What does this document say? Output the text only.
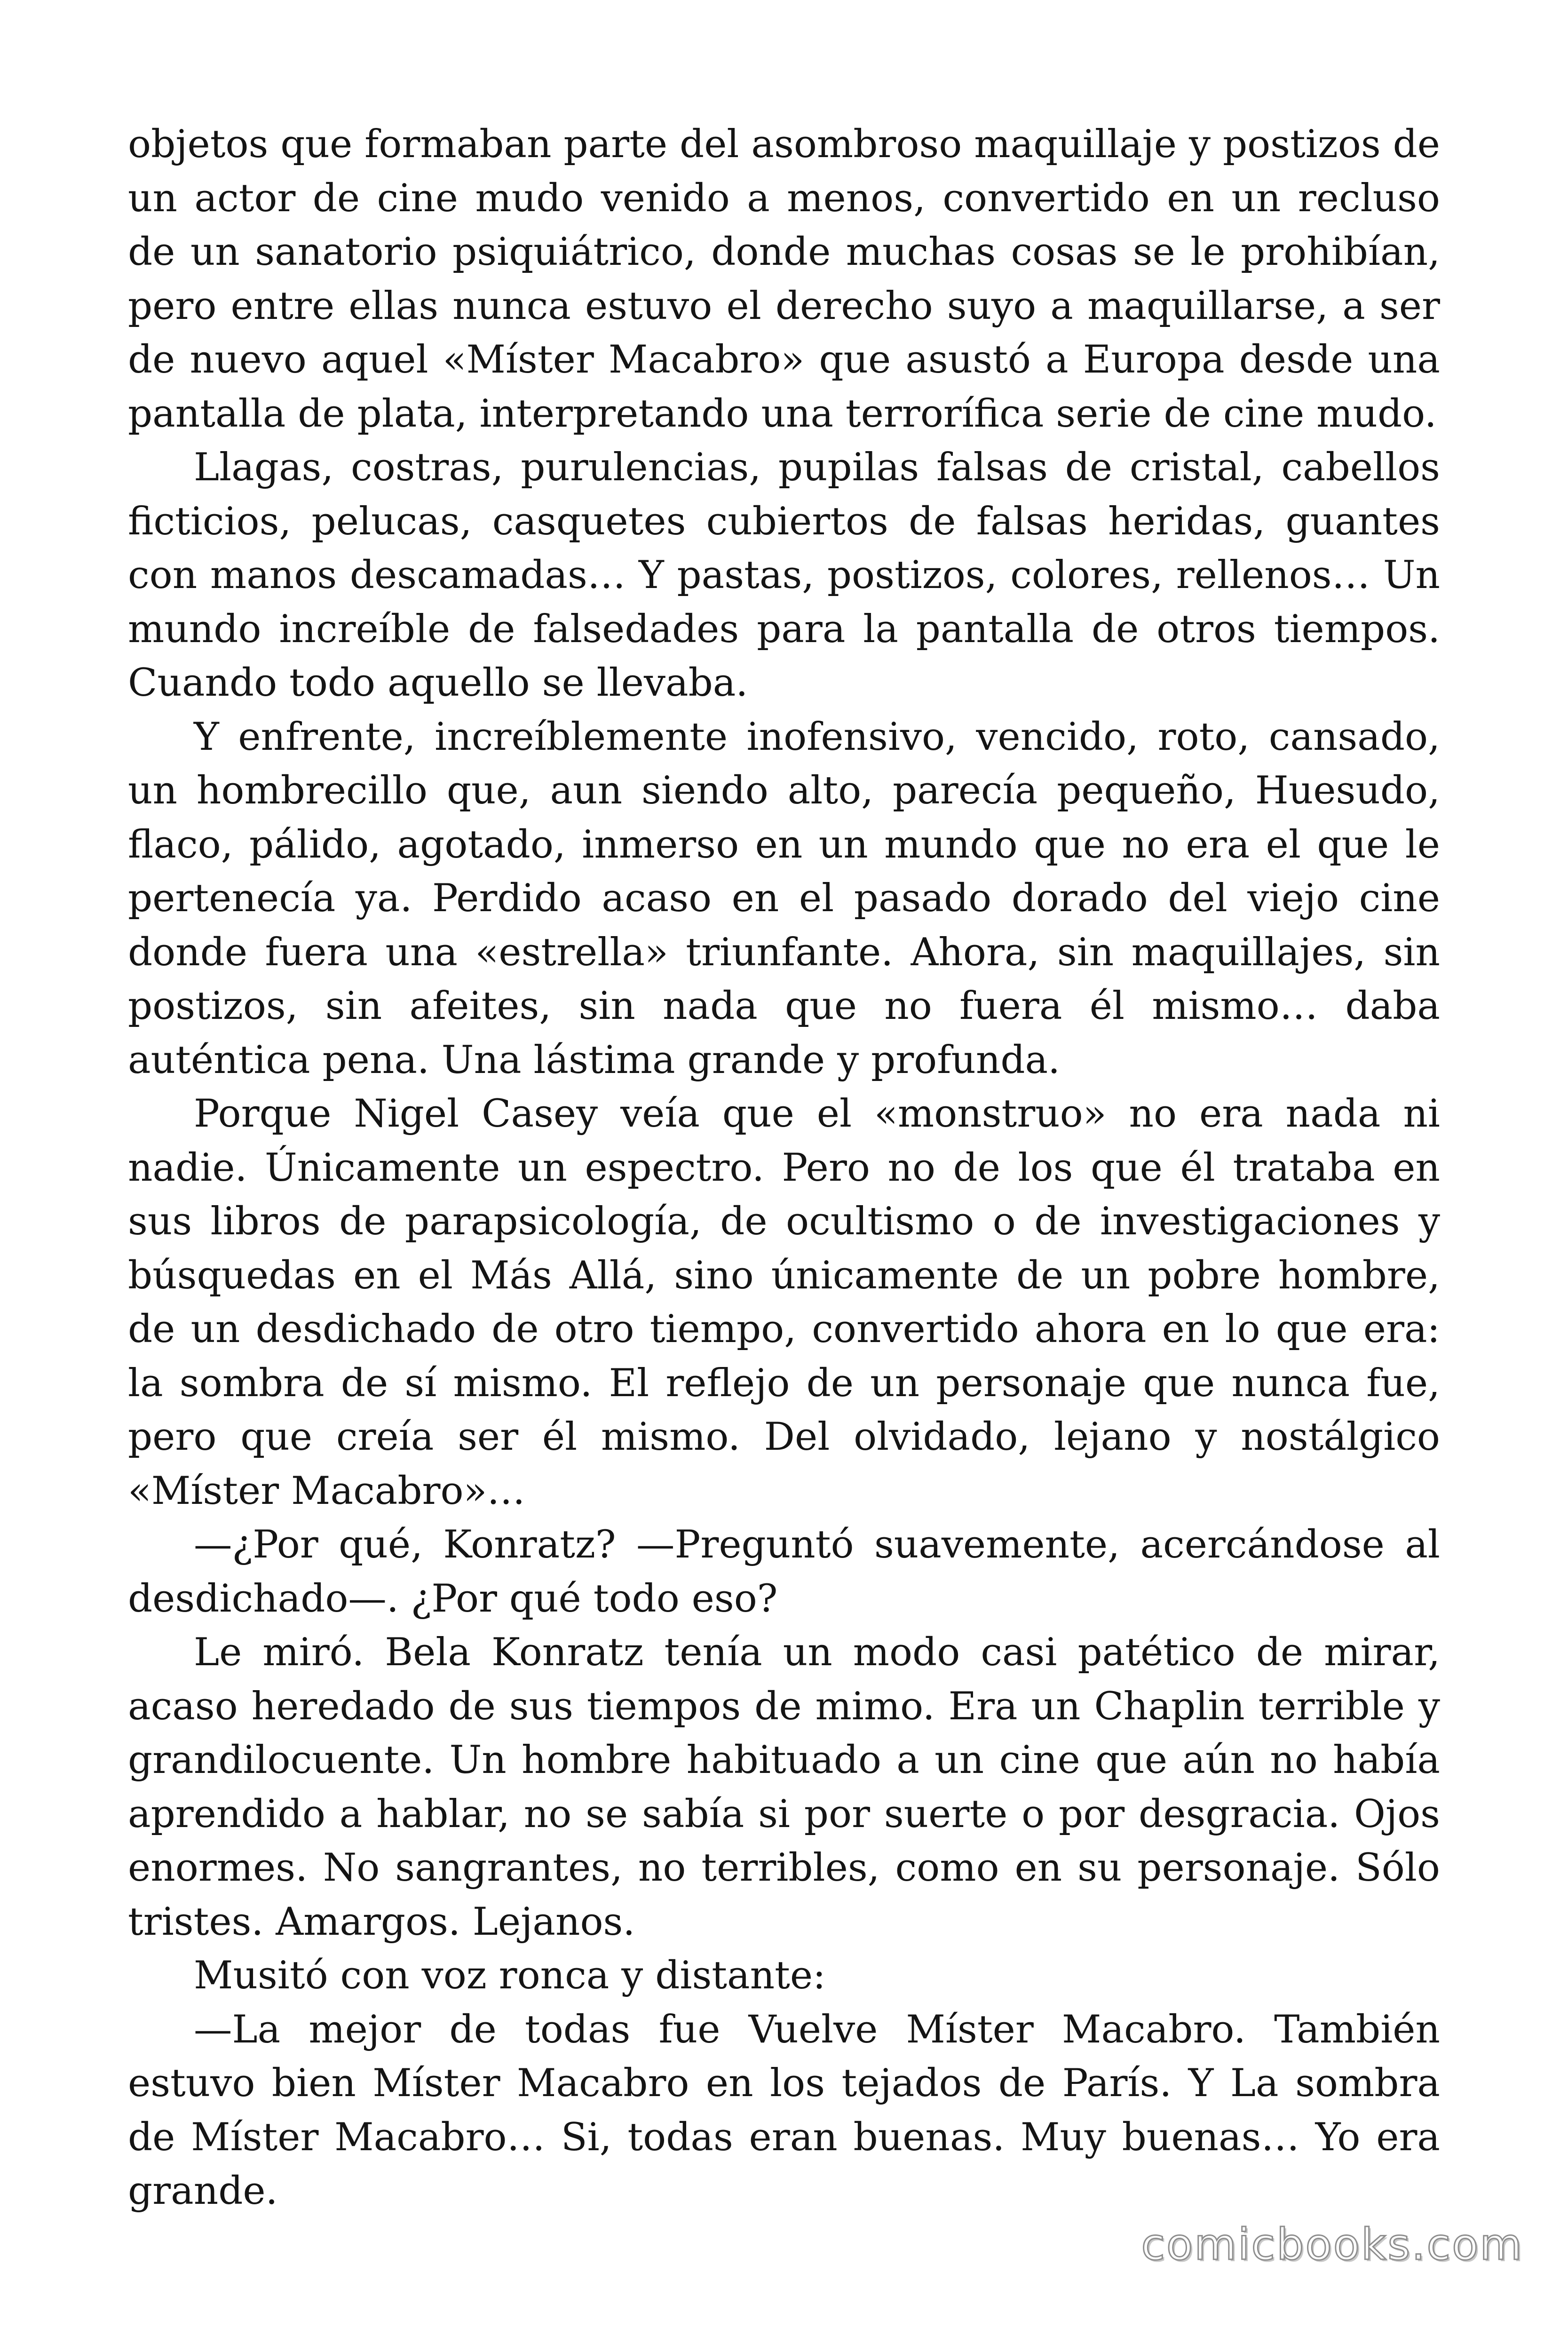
objetos que formaban parte del asombroso maquillaje y postizos de un actor de cine mudo venido a menos, convertido en un recluso de un sanatorio psiquiátrico, donde muchas cosas se le prohibían, pero entre ellas nunca estuvo el derecho suyo a maquillarse, a ser de nuevo aquel «Míster Macabro» que asustó a Europa desde una pantalla de plata, interpretando una terrorífica serie de cine mudo.

Llagas, costras, purulencias, pupilas falsas de cristal, cabellos ficticios, pelucas, casquetes cubiertos de falsas heridas, guantes con manos descamadas… Y pastas, postizos, colores, rellenos… Un mundo increíble de falsedades para la pantalla de otros tiempos. Cuando todo aquello se llevaba.

Y enfrente, increíblemente inofensivo, vencido, roto, cansado, un hombrecillo que, aun siendo alto, parecía pequeño, Huesudo, flaco, pálido, agotado, inmerso en un mundo que no era el que le pertenecía ya. Perdido acaso en el pasado dorado del viejo cine donde fuera una «estrella» triunfante. Ahora, sin maquillajes, sin postizos, sin afeites, sin nada que no fuera él mismo… daba auténtica pena. Una lástima grande y profunda.

Porque Nigel Casey veía que el «monstruo» no era nada ni nadie. Únicamente un espectro. Pero no de los que él trataba en sus libros de parapsicología, de ocultismo o de investigaciones y búsquedas en el Más Allá, sino únicamente de un pobre hombre, de un desdichado de otro tiempo, convertido ahora en lo que era: la sombra de sí mismo. El reflejo de un personaje que nunca fue, pero que creía ser él mismo. Del olvidado, lejano y nostálgico «Míster Macabro»…

—¿Por qué, Konratz? —Preguntó suavemente, acercándose al desdichado—. ¿Por qué todo eso?

Le miró. Bela Konratz tenía un modo casi patético de mirar, acaso heredado de sus tiempos de mimo. Era un Chaplin terrible y grandilocuente. Un hombre habituado a un cine que aún no había aprendido a hablar, no se sabía si por suerte o por desgracia. Ojos enormes. No sangrantes, no terribles, como en su personaje. Sólo tristes. Amargos. Lejanos.

Musitó con voz ronca y distante:

—La mejor de todas fue Vuelve Míster Macabro. También estuvo bien Míster Macabro en los tejados de París. Y La sombra de Míster Macabro… Si, todas eran buenas. Muy buenas… Yo era grande.

comicbooks.com
